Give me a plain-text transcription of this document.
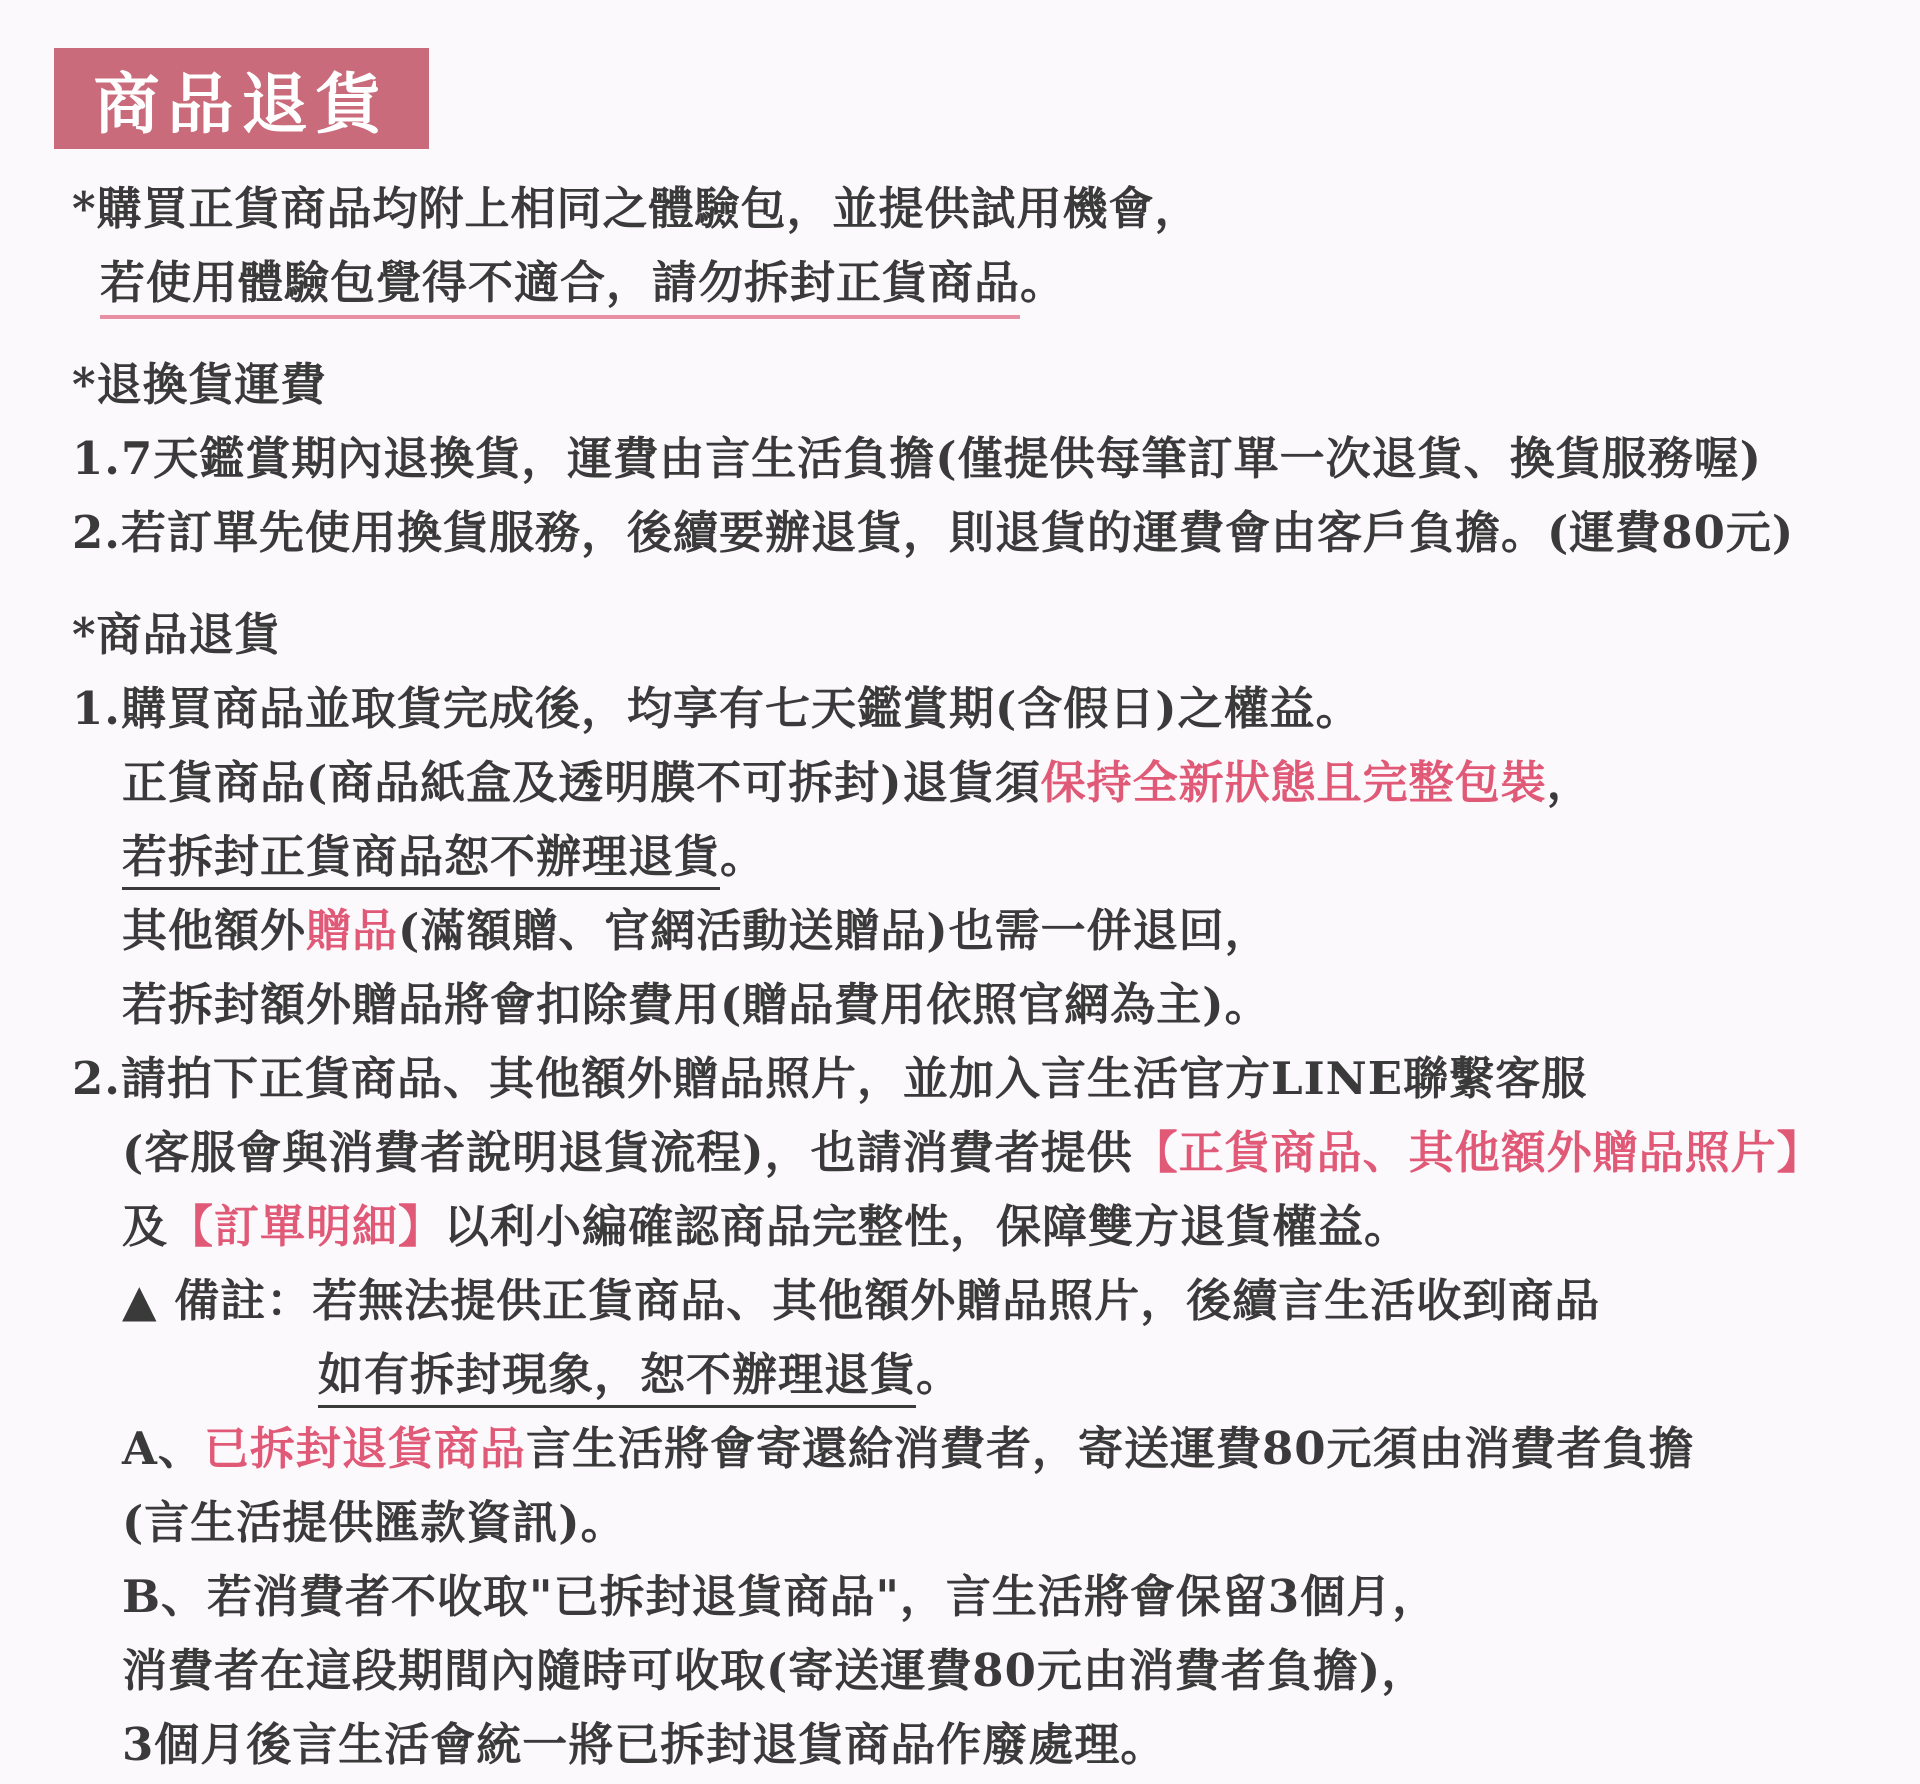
商品退貨
*購買正貨商品均附上相同之體驗包，並提供試用機會，
若使用體驗包覺得不適合，請勿拆封正貨商品。
*退換貨運費
1.7天鑑賞期內退換貨，運費由言生活負擔(僅提供每筆訂單一次退貨、換貨服務喔)
2.若訂單先使用換貨服務，後續要辦退貨，則退貨的運費會由客戶負擔。(運費80元)
*商品退貨
1.購買商品並取貨完成後，均享有七天鑑賞期(含假日)之權益。
正貨商品(商品紙盒及透明膜不可拆封)退貨須保持全新狀態且完整包裝，
若拆封正貨商品恕不辦理退貨。
其他額外贈品(滿額贈、官網活動送贈品)也需一併退回，
若拆封額外贈品將會扣除費用(贈品費用依照官網為主)。
2.請拍下正貨商品、其他額外贈品照片，並加入言生活官方LINE聯繫客服
(客服會與消費者說明退貨流程)，也請消費者提供【正貨商品、其他額外贈品照片】
及【訂單明細】以利小編確認商品完整性，保障雙方退貨權益。
▲ 備註：若無法提供正貨商品、其他額外贈品照片，後續言生活收到商品
如有拆封現象，恕不辦理退貨。
A、已拆封退貨商品言生活將會寄還給消費者，寄送運費80元須由消費者負擔
(言生活提供匯款資訊)。
B、若消費者不收取"已拆封退貨商品"，言生活將會保留3個月，
消費者在這段期間內隨時可收取(寄送運費80元由消費者負擔)，
3個月後言生活會統一將已拆封退貨商品作廢處理。
